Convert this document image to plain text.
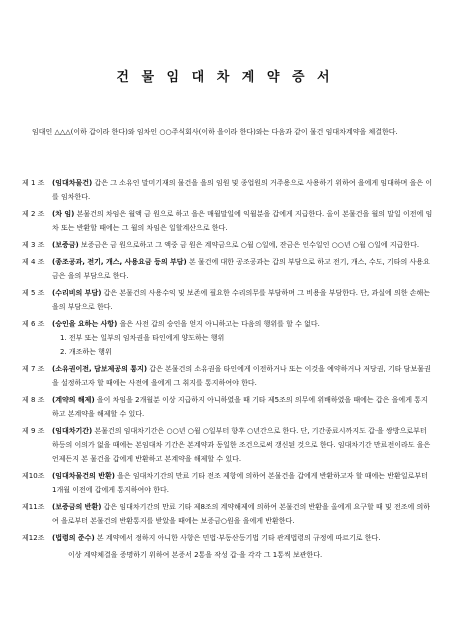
건 물 임 대 차 계 약 증 서
임대인 △△△(이하 갑이라 한다)와 임차인 ○○주식회사(이하 을이라 한다)와는 다음과 같이 물건 임대차계약을 체결한다.
제 1 조	(임대차물건) 갑은 그 소유인 말미기재의 물건을 을의 임원 및 종업원의 거주용으로 사용하기 위하여 을에게 임대하며 을은 이를 임차한다.
제 2 조	(차 임) 본물건의 차임은 월액 금 원으로 하고 을은 매월말일에 익월분을 갑에게 지급한다. 올이 본물건을 월의 말일 이전에 임차 또는 반환할 때에는 그 월의 차임은 일할계산으로 한다.
제 3 조	(보증금) 보증금은 금 원으로하고 그 액중 금 원은 계약금으로 ○월 ○일에, 잔금은 인수일인 ○○년 ○월 ○일에 지급한다.
제 4 조	(종조공과, 전기, 개스, 사용요금 등의 부담) 본 물건에 대한 공조공과는 갑의 부담으로 하고 전기, 개스, 수도, 기타의 사용요금은 을의 부담으로 한다.
제 5 조	(수리비의 부담) 갑은 본물건의 사용수익 및 보존에 필요한 수리의무를 부담하며 그 비용을 부담한다. 단, 과실에 의한 손해는 을의 부담으로 한다.
제 6 조	(승인을 요하는 사항) 을은 사전 갑의 승인을 얻지 아니하고는 다음의 행위를 할 수 없다.
1. 전부 또는 일부의 임차권을 타인에게 양도하는 행위
2. 개조하는 행위
제 7 조	(소유권이전, 담보제공의 통지) 갑은 본물건의 소유권을 타인에게 이전하거나 또는 이것을 예약하거나 저당권, 기타 담보물권을 설정하고자 할 때에는 사전에 을에게 그 취지를 통지하여야 한다.
제 8 조	(계약의 해제) 을이 차임을 2개월분 이상 지급하지 아니하였을 때 기타 제5조의 의무에 위배하였을 때에는 갑은 을에게 통지하고 본계약을 해제할 수 있다.
제 9 조	(임대차기간) 본물건의 임대차기간은 ○○년 ○월 ○일부터 향후 ○년간으로 한다. 단, 기간종료시까지도 갑·을 쌍방으로부터 하등의 이의가 없을 때에는 본임대차 기간은 본계약과 동일한 조건으로써 갱신된 것으로 한다. 임대차기간 만료전이라도 을은 언제든지 본 물건을 갑에게 반환하고 본계약을 해제할 수 있다.
제10조	(임대차물건의 반환) 을은 임대차기간의 만료 기타 전조 제항에 의하여 본물건을 갑에게 반환하고자 할 때에는 반환일로부터 1개월 이전에 갑에게 통지하여야 한다.
제11조	(보증금의 반환) 갑은 임대차기간의 만료 기타 제8조의 계약해제에 의하여 본물건의 반환을 올에게 요구할 때 및 전조에 의하여 을로부터 본물건의 반환통지를 받았을 때에는 보증금○원을 을에게 반환한다.
제12조	(법령의 준수) 본 계약에서 정하지 아니한 사항은 민법·부동산등기법 기타 관계법령의 규정에 따르기로 한다.
이상 계약체결을 증명하기 위하여 본증서 2통을 작성 갑·을 각각 그 1통씩 보관한다.
